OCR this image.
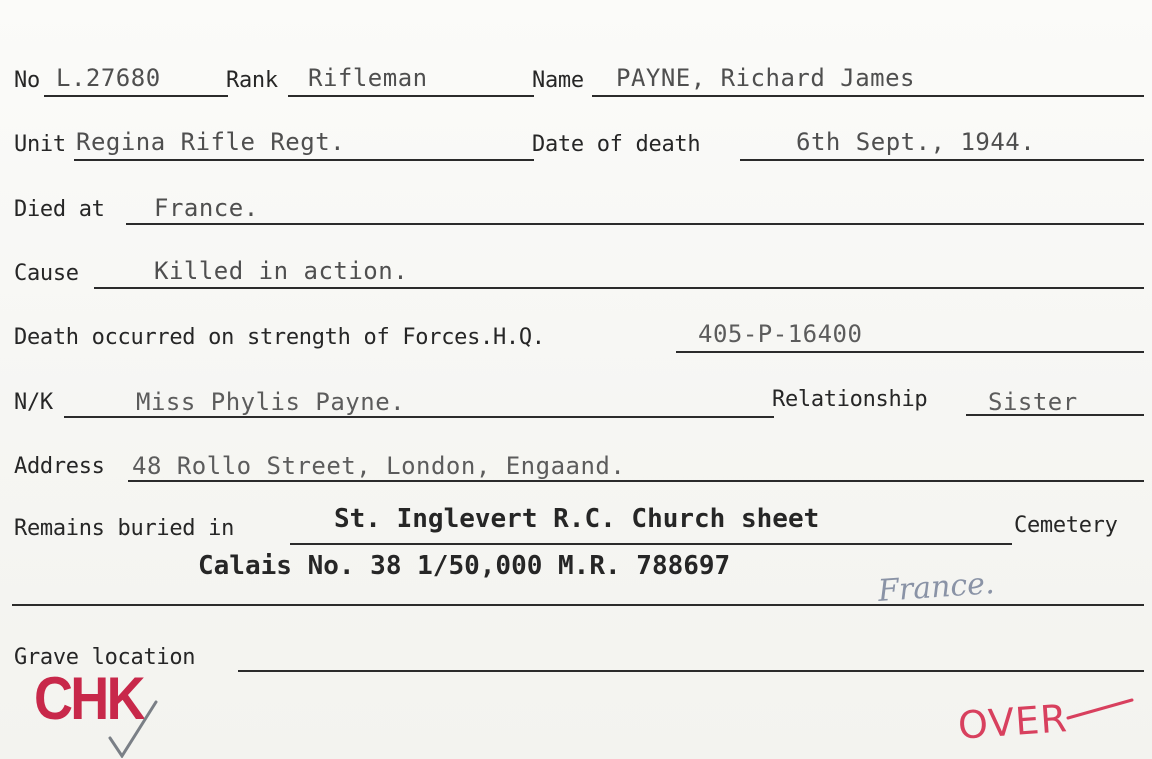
No L.27680	Rank Rifleman	Name PAYNE, Richard James
Unit Regina Rifle Regt.	Date of death	6th Sept., 1944.
Died at France.
Cause	Killed in action.
Death occurred on strength of Forces.H.Q.	405-P-16400
N/K	Miss Phylis Payne.	Relationship	Sister
Address 48 Rollo Street, London, Engaand.
Remains buried in	St. Inglevert R.C. Church sheet	Cemetery
Calais No. 38 1/50,000 M.R. 788697	France.
Grave location
CHK	OVER
